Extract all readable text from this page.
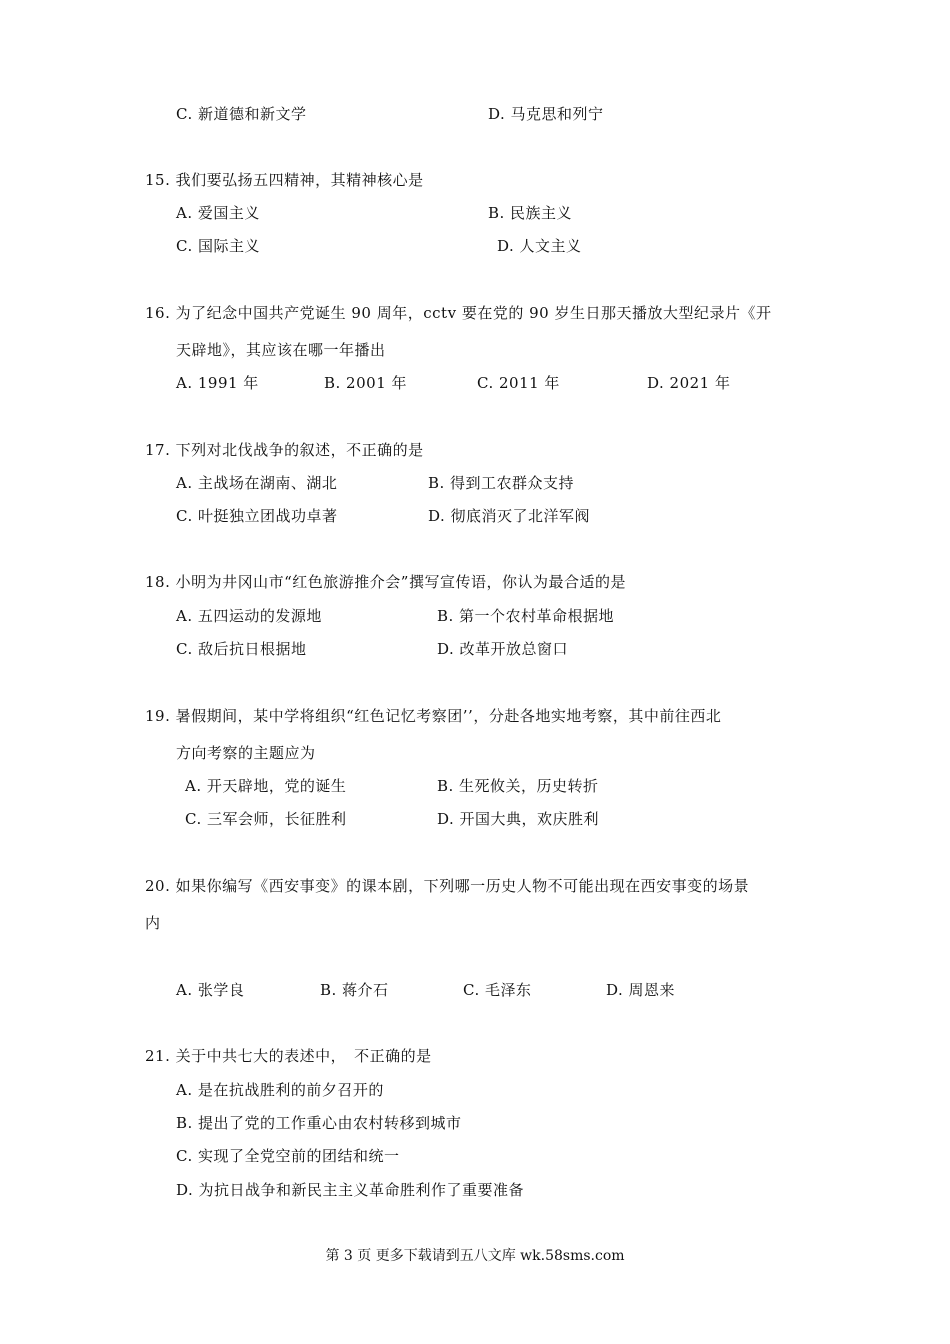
C. 新道德和新文学	D. 马克思和列宁
15. 我们要弘扬五四精神，其精神核心是
A. 爱国主义	B. 民族主义
C. 国际主义	D. 人文主义
16. 为了纪念中国共产党诞生 90 周年，cctv 要在党的 90 岁生日那天播放大型纪录片《开
天辟地》，其应该在哪一年播出
A. 1991 年	B. 2001 年	C. 2011 年	D. 2021 年
17. 下列对北伐战争的叙述，不正确的是
A. 主战场在湖南、湖北	B. 得到工农群众支持
C. 叶挺独立团战功卓著	D. 彻底消灭了北洋军阀
18. 小明为井冈山市“红色旅游推介会”撰写宣传语，你认为最合适的是
A. 五四运动的发源地	B. 第一个农村革命根据地
C. 敌后抗日根据地	D. 改革开放总窗口
19. 暑假期间，某中学将组织“红色记忆考察团’’，分赴各地实地考察，其中前往西北
方向考察的主题应为
A. 开天辟地，党的诞生	B. 生死攸关，历史转折
C. 三军会师，长征胜利	D. 开国大典，欢庆胜利
20. 如果你编写《西安事变》的课本剧，下列哪一历史人物不可能出现在西安事变的场景
内
A. 张学良	B. 蒋介石	C. 毛泽东	D. 周恩来
21. 关于中共七大的表述中，　不正确的是
A. 是在抗战胜利的前夕召开的
B. 提出了党的工作重心由农村转移到城市
C. 实现了全党空前的团结和统一
D. 为抗日战争和新民主主义革命胜利作了重要准备
第 3 页 更多下载请到五八文库 wk.58sms.com
